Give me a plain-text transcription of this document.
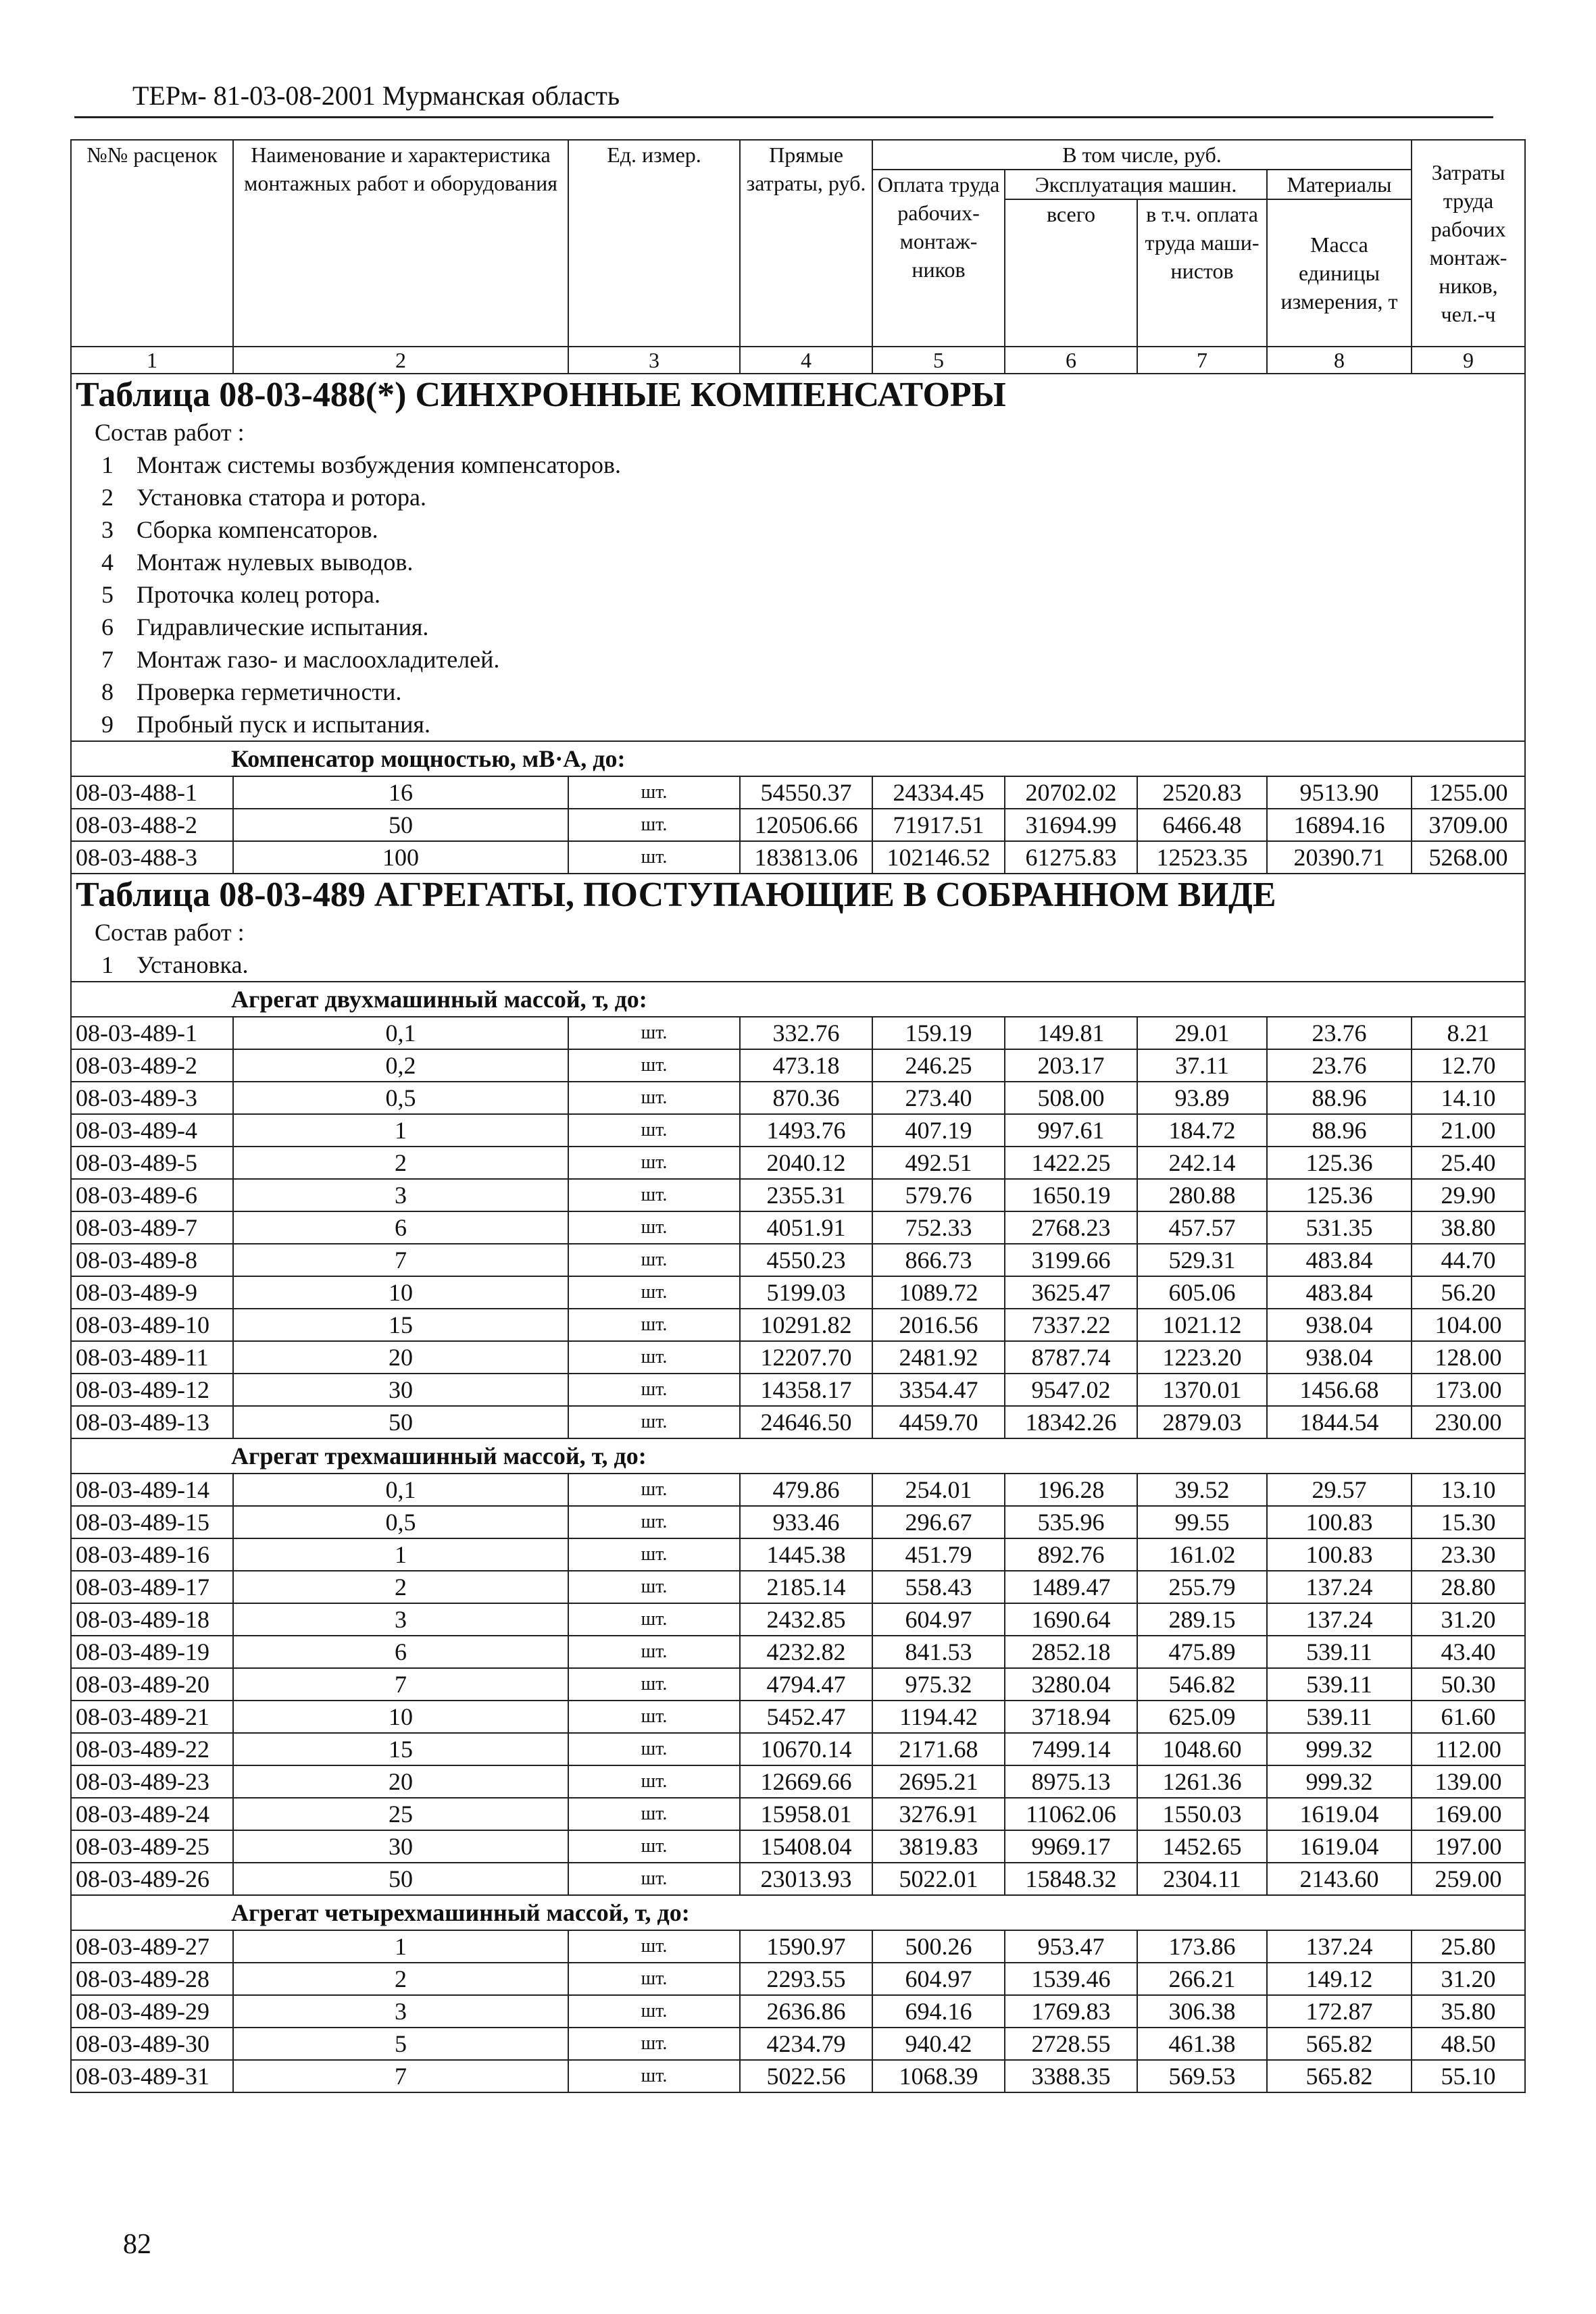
ТЕРм- 81-03-08-2001 Мурманская область
№№ расценок	Наименование и характеристика монтажных работ и оборудования	Ед. измер.	Прямые затраты, руб.	В том числе, руб.				Затраты труда рабочих монтаж-ников, чел.-ч
				Оплата труда рабочих-монтаж-ников	Эксплуатация машин.		Материалы	
					всего	в т.ч. оплата труда маши-нистов	Масса единицы измерения, т	
1	2	3	4	5	6	7	8	9
Таблица 08-03-488(*) СИНХРОННЫЕ КОМПЕНСАТОРЫ								
Состав работ :								
1 Монтаж системы возбуждения компенсаторов.								
2 Установка статора и ротора.								
3 Сборка компенсаторов.								
4 Монтаж нулевых выводов.								
5 Проточка колец ротора.								
6 Гидравлические испытания.								
7 Монтаж газо- и маслоохладителей.								
8 Проверка герметичности.								
9 Пробный пуск и испытания.								
Компенсатор мощностью, мВ·А, до:								
08-03-488-1	16	шт.	54550.37	24334.45	20702.02	2520.83	9513.90	1255.00
08-03-488-2	50	шт.	120506.66	71917.51	31694.99	6466.48	16894.16	3709.00
08-03-488-3	100	шт.	183813.06	102146.52	61275.83	12523.35	20390.71	5268.00
Таблица 08-03-489 АГРЕГАТЫ, ПОСТУПАЮЩИЕ В СОБРАННОМ ВИДЕ								
Состав работ :								
1 Установка.								
Агрегат двухмашинный массой, т, до:								
08-03-489-1	0,1	шт.	332.76	159.19	149.81	29.01	23.76	8.21
08-03-489-2	0,2	шт.	473.18	246.25	203.17	37.11	23.76	12.70
08-03-489-3	0,5	шт.	870.36	273.40	508.00	93.89	88.96	14.10
08-03-489-4	1	шт.	1493.76	407.19	997.61	184.72	88.96	21.00
08-03-489-5	2	шт.	2040.12	492.51	1422.25	242.14	125.36	25.40
08-03-489-6	3	шт.	2355.31	579.76	1650.19	280.88	125.36	29.90
08-03-489-7	6	шт.	4051.91	752.33	2768.23	457.57	531.35	38.80
08-03-489-8	7	шт.	4550.23	866.73	3199.66	529.31	483.84	44.70
08-03-489-9	10	шт.	5199.03	1089.72	3625.47	605.06	483.84	56.20
08-03-489-10	15	шт.	10291.82	2016.56	7337.22	1021.12	938.04	104.00
08-03-489-11	20	шт.	12207.70	2481.92	8787.74	1223.20	938.04	128.00
08-03-489-12	30	шт.	14358.17	3354.47	9547.02	1370.01	1456.68	173.00
08-03-489-13	50	шт.	24646.50	4459.70	18342.26	2879.03	1844.54	230.00
Агрегат трехмашинный массой, т, до:								
08-03-489-14	0,1	шт.	479.86	254.01	196.28	39.52	29.57	13.10
08-03-489-15	0,5	шт.	933.46	296.67	535.96	99.55	100.83	15.30
08-03-489-16	1	шт.	1445.38	451.79	892.76	161.02	100.83	23.30
08-03-489-17	2	шт.	2185.14	558.43	1489.47	255.79	137.24	28.80
08-03-489-18	3	шт.	2432.85	604.97	1690.64	289.15	137.24	31.20
08-03-489-19	6	шт.	4232.82	841.53	2852.18	475.89	539.11	43.40
08-03-489-20	7	шт.	4794.47	975.32	3280.04	546.82	539.11	50.30
08-03-489-21	10	шт.	5452.47	1194.42	3718.94	625.09	539.11	61.60
08-03-489-22	15	шт.	10670.14	2171.68	7499.14	1048.60	999.32	112.00
08-03-489-23	20	шт.	12669.66	2695.21	8975.13	1261.36	999.32	139.00
08-03-489-24	25	шт.	15958.01	3276.91	11062.06	1550.03	1619.04	169.00
08-03-489-25	30	шт.	15408.04	3819.83	9969.17	1452.65	1619.04	197.00
08-03-489-26	50	шт.	23013.93	5022.01	15848.32	2304.11	2143.60	259.00
Агрегат четырехмашинный массой, т, до:								
08-03-489-27	1	шт.	1590.97	500.26	953.47	173.86	137.24	25.80
08-03-489-28	2	шт.	2293.55	604.97	1539.46	266.21	149.12	31.20
08-03-489-29	3	шт.	2636.86	694.16	1769.83	306.38	172.87	35.80
08-03-489-30	5	шт.	4234.79	940.42	2728.55	461.38	565.82	48.50
08-03-489-31	7	шт.	5022.56	1068.39	3388.35	569.53	565.82	55.10
82
